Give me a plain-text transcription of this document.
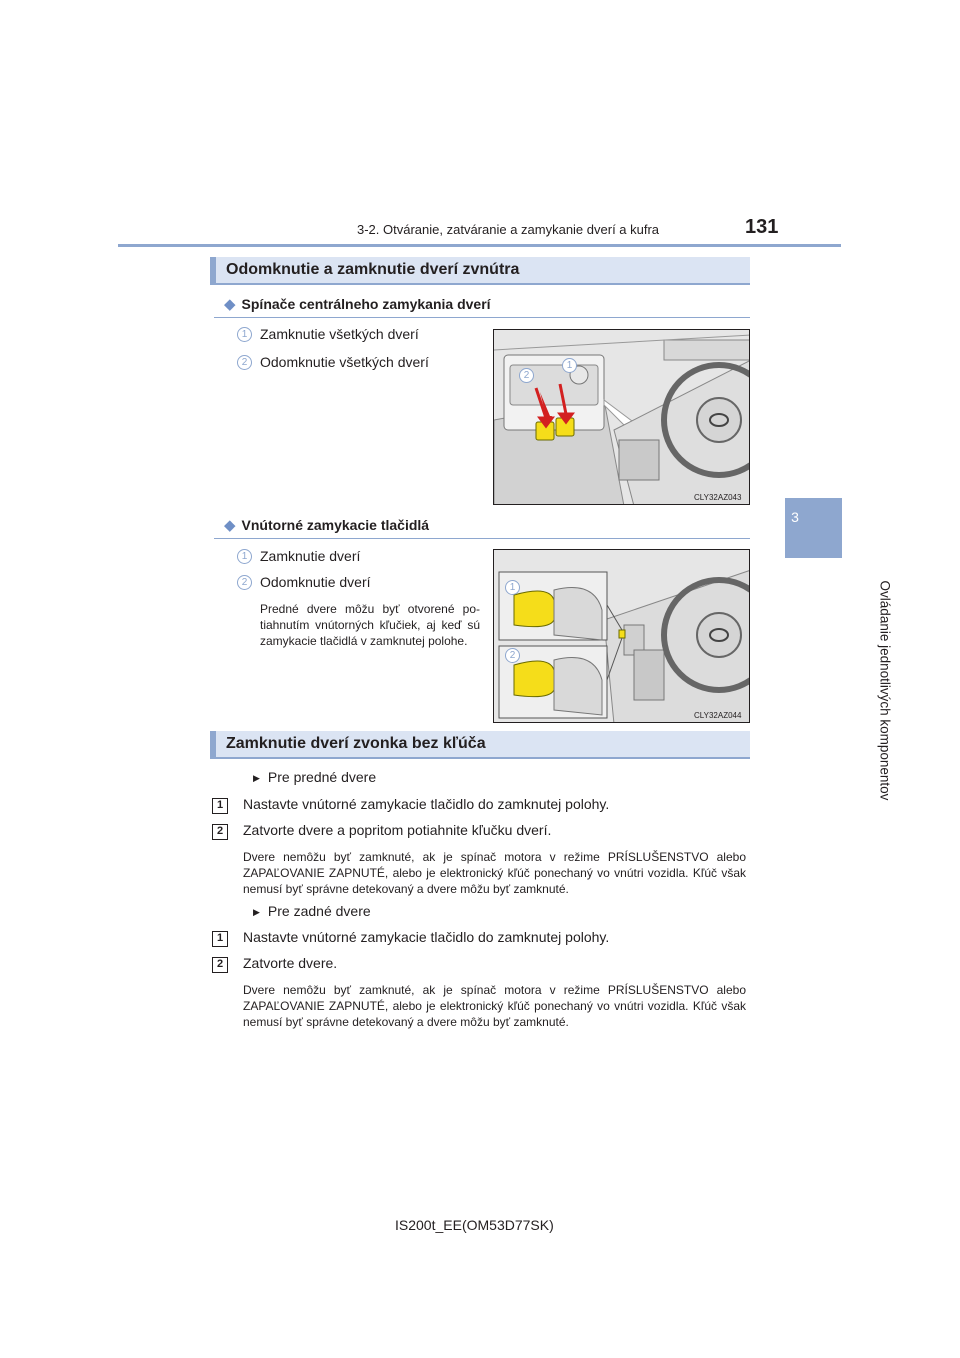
3-2. Otváranie, zatváranie a zamykanie dverí a kufra	131
3
Ovládanie jednotlivých komponentov
Odomknutie a zamknutie dverí zvnútra
◆ Spínače centrálneho zamykania dverí
1 Zamknutie všetkých dverí
2 Odomknutie všetkých dverí
2
1
CLY32AZ043
◆ Vnútorné zamykacie tlačidlá
1 Zamknutie dverí
2 Odomknutie dverí
Predné dvere môžu byť otvorené po- tiahnutím vnútorných kľučiek, aj keď sú zamykacie tlačidlá v zamknutej polohe.
1
2
CLY32AZ044
Zamknutie dverí zvonka bez kľúča
▶ Pre predné dvere
1	Nastavte vnútorné zamykacie tlačidlo do zamknutej polohy.
2	Zatvorte dvere a popritom potiahnite kľučku dverí.
Dvere nemôžu byť zamknuté, ak je spínač motora v režime PRÍSLUŠENSTVO alebo ZAPAĽOVANIE ZAPNUTÉ, alebo je elektronický kľúč ponechaný vo vnútri vozidla. Kľúč však nemusí byť správne detekovaný a dvere môžu byť zamknuté.
▶ Pre zadné dvere
1	Nastavte vnútorné zamykacie tlačidlo do zamknutej polohy.
2	Zatvorte dvere.
Dvere nemôžu byť zamknuté, ak je spínač motora v režime PRÍSLUŠENSTVO alebo ZAPAĽOVANIE ZAPNUTÉ, alebo je elektronický kľúč ponechaný vo vnútri vozidla. Kľúč však nemusí byť správne detekovaný a dvere môžu byť zamknuté.
IS200t_EE(OM53D77SK)
